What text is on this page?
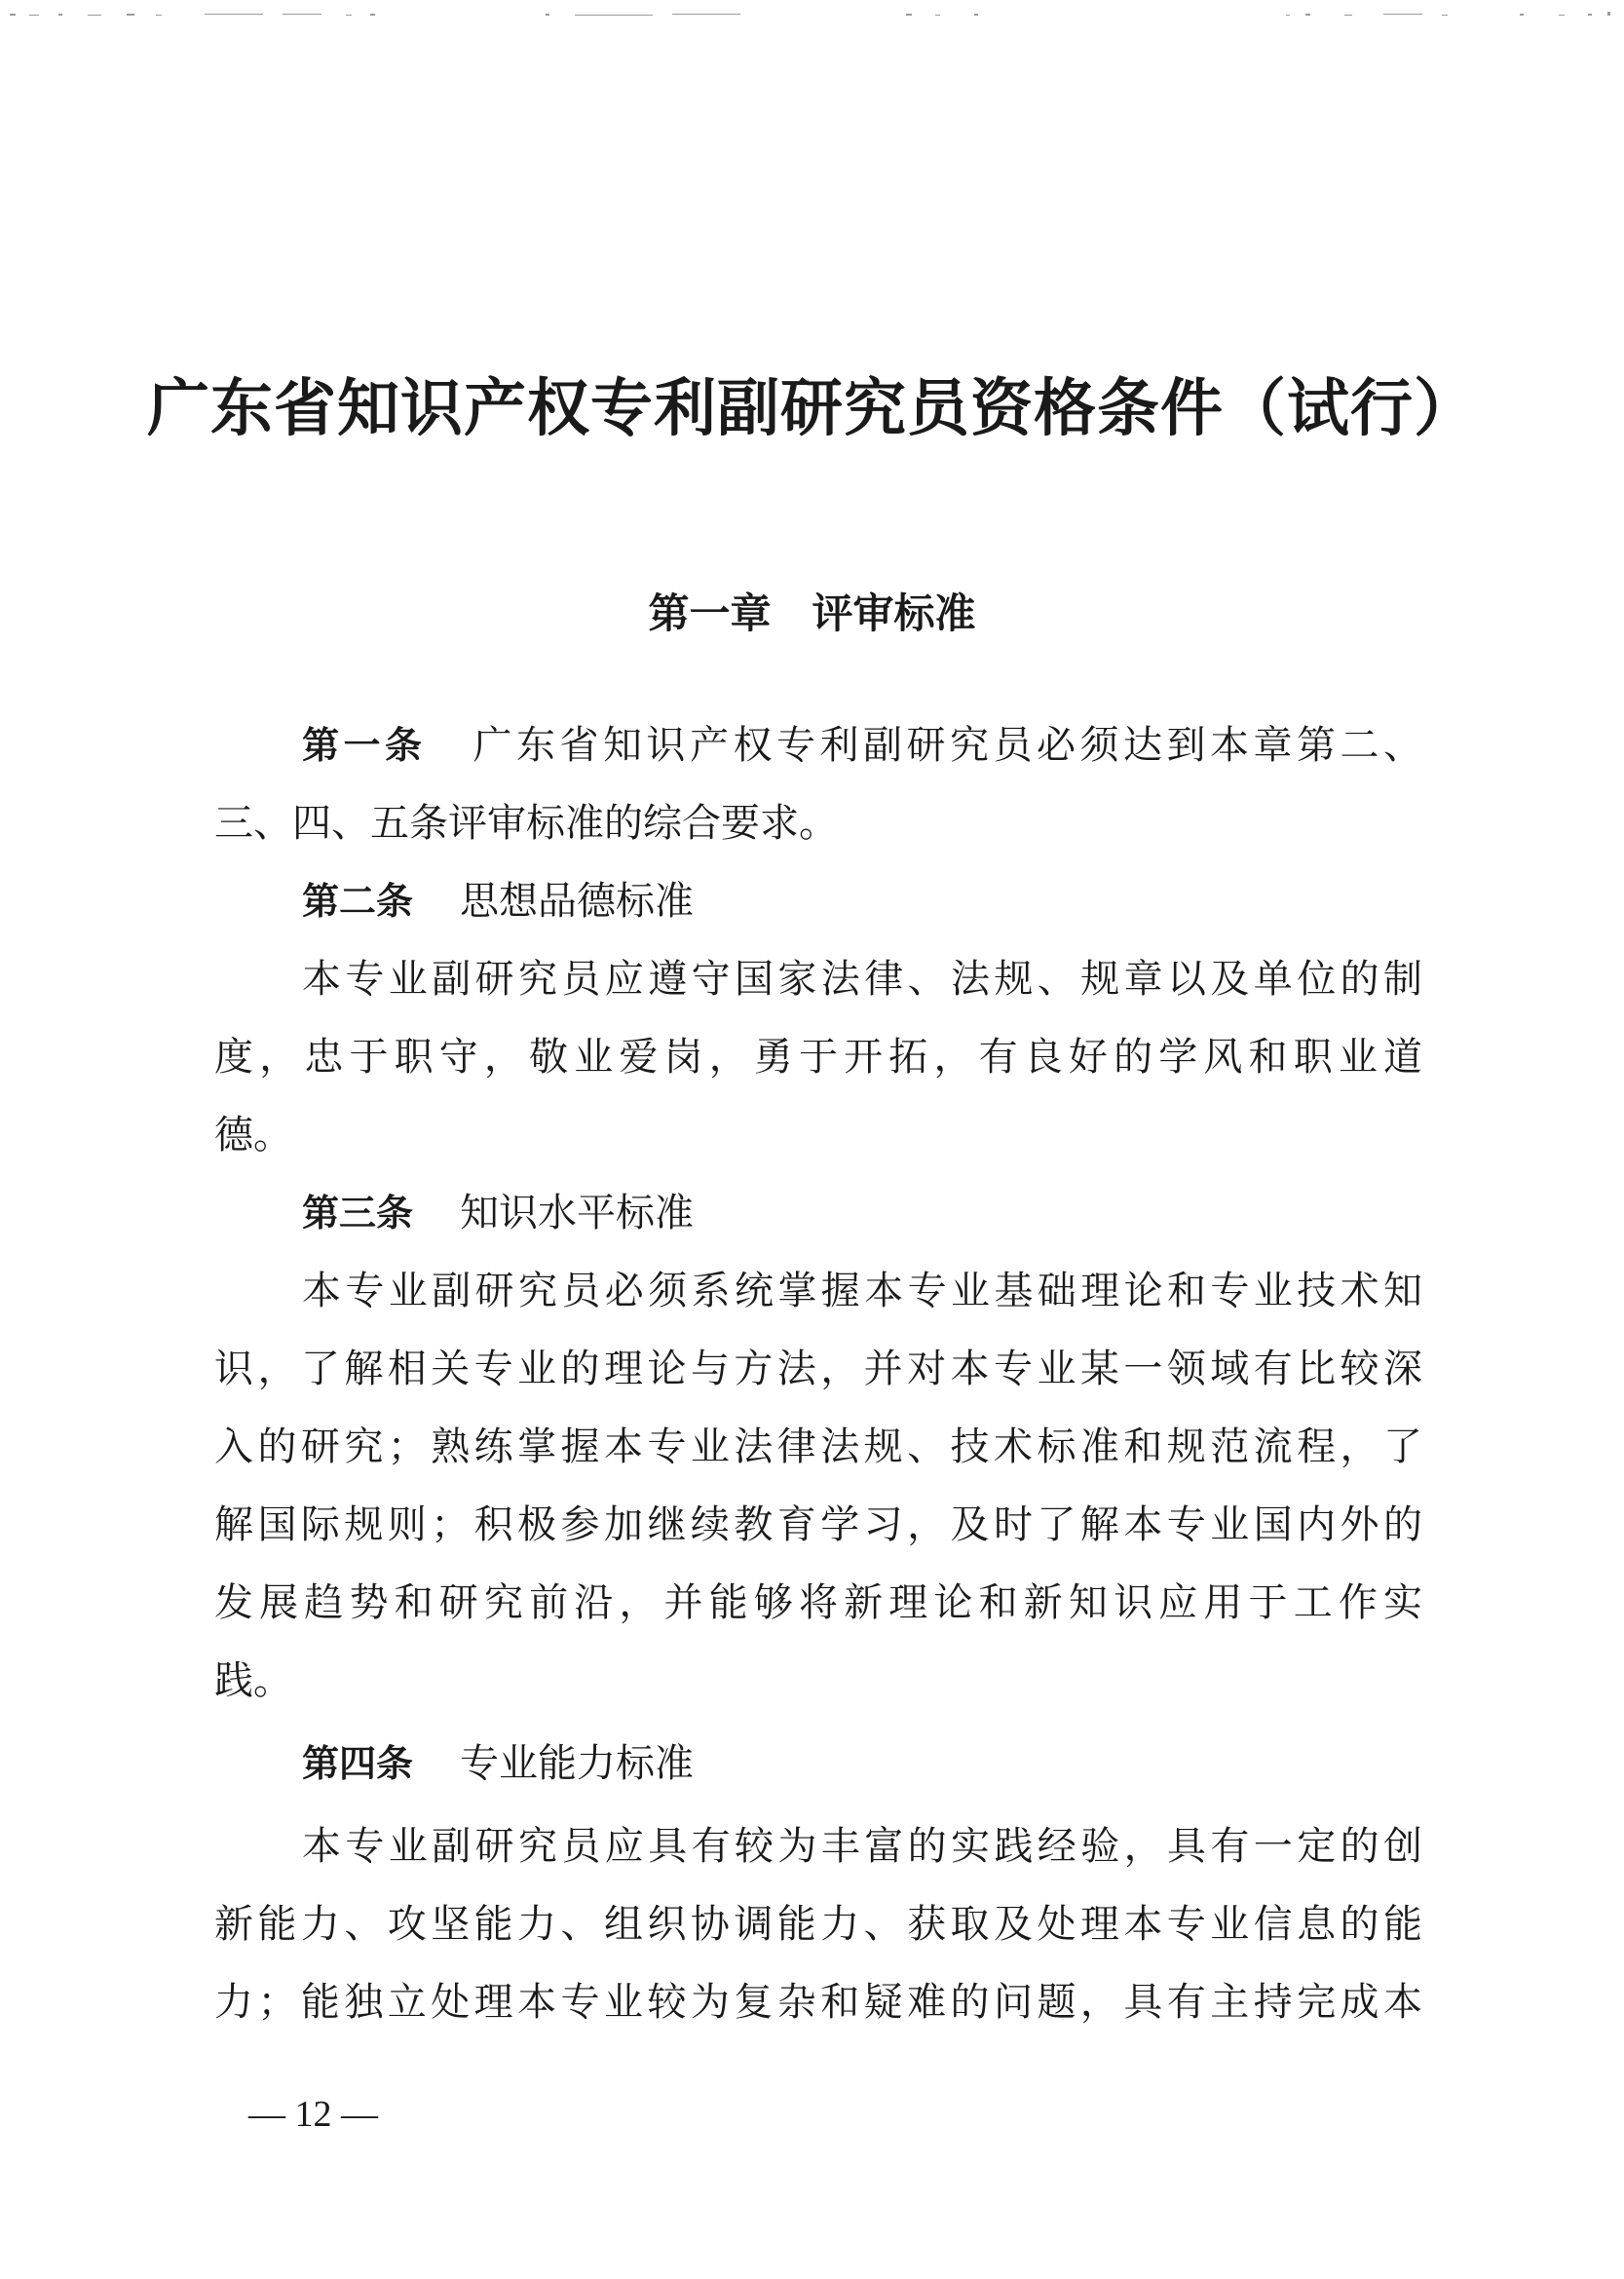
广东省知识产权专利副研究员资格条件（试行）
第一章　评审标准

第一条 广东省知识产权专利副研究员必须达到本章第二、

三、四、五条评审标准的综合要求。

第二条 思想品德标准

本专业副研究员应遵守国家法律、法规、规章以及单位的制

度，忠于职守，敬业爱岗，勇于开拓，有良好的学风和职业道

德。

第三条 知识水平标准

本专业副研究员必须系统掌握本专业基础理论和专业技术知

识，了解相关专业的理论与方法，并对本专业某一领域有比较深

入的研究；熟练掌握本专业法律法规、技术标准和规范流程，了

解国际规则；积极参加继续教育学习，及时了解本专业国内外的

发展趋势和研究前沿，并能够将新理论和新知识应用于工作实

践。

第四条 专业能力标准

本专业副研究员应具有较为丰富的实践经验，具有一定的创

新能力、攻坚能力、组织协调能力、获取及处理本专业信息的能

力；能独立处理本专业较为复杂和疑难的问题，具有主持完成本

— 12 —
